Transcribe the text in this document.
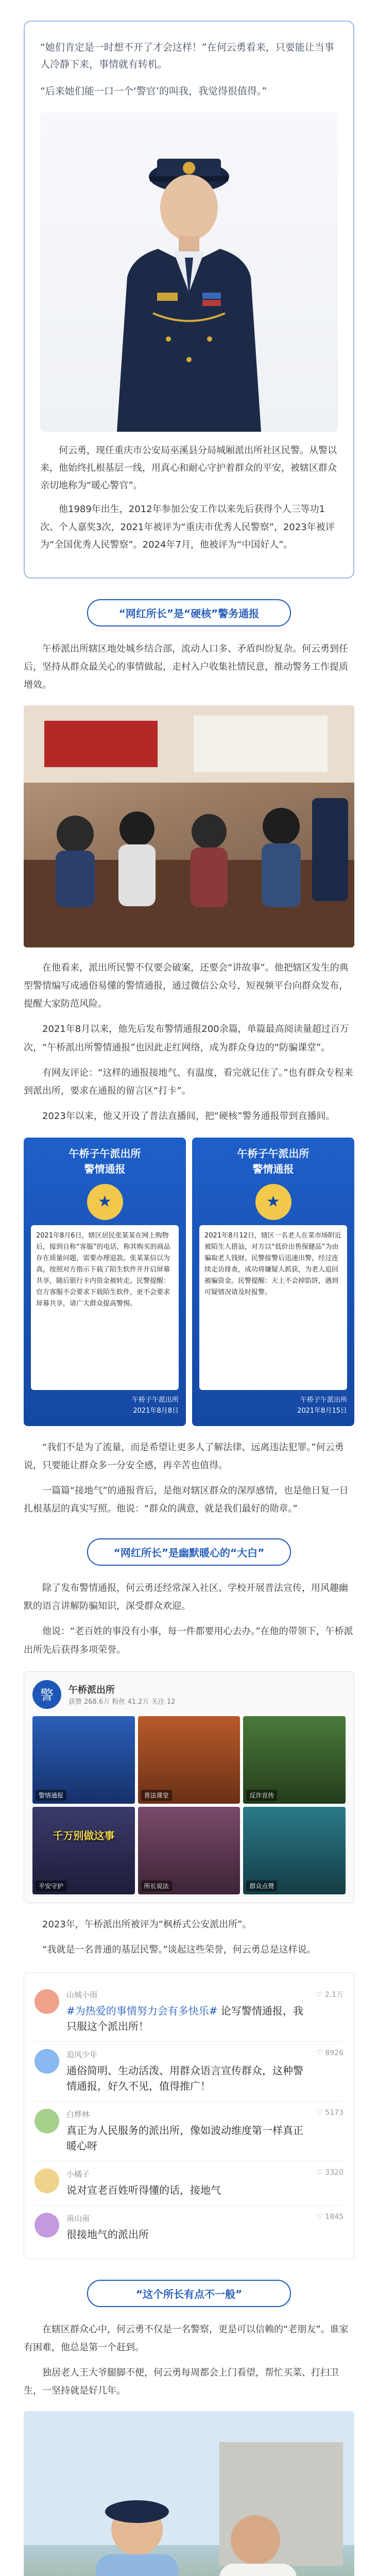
“她们肯定是一时想不开了才会这样！”在何云勇看来，只要能让当事人冷静下来，事情就有转机。

“后来她们能一口一个‘警官’的叫我，我觉得很值得。”

何云勇，现任重庆市公安局巫溪县分局城厢派出所社区民警。从警以来，他始终扎根基层一线，用真心和耐心守护着群众的平安，被辖区群众亲切地称为“暖心警官”。

他1989年出生，2012年参加公安工作以来先后获得个人三等功1次、个人嘉奖3次，2021年被评为“重庆市优秀人民警察”，2023年被评为“全国优秀人民警察”。2024年7月，他被评为“中国好人”。

“网红所长”是“硬核”警务通报

午桥派出所辖区地处城乡结合部，流动人口多、矛盾纠纷复杂。何云勇到任后，坚持从群众最关心的事情做起，走村入户收集社情民意，推动警务工作提质增效。

在他看来，派出所民警不仅要会破案，还要会“讲故事”。他把辖区发生的典型警情编写成通俗易懂的警情通报，通过微信公众号、短视频平台向群众发布，提醒大家防范风险。

2021年8月以来，他先后发布警情通报200余篇，单篇最高阅读量超过百万次，“午桥派出所警情通报”也因此走红网络，成为群众身边的“防骗课堂”。

有网友评论：“这样的通报接地气、有温度，看完就记住了。”也有群众专程来到派出所，要求在通报的留言区“打卡”。

2023年以来，他又开设了普法直播间，把“硬核”警务通报带到直播间。

午桥子午派出所
警情通报
★
2021年8月6日，辖区居民张某某在网上购物后，接到自称“客服”的电话，称其购买的商品存在质量问题，需要办理退款。张某某信以为真，按照对方指示下载了陌生软件并开启屏幕共享，随后银行卡内资金被转走。民警提醒：官方客服不会要求下载陌生软件，更不会要求屏幕共享，请广大群众提高警惕。
午桥子午派出所
2021年8月8日
午桥子午派出所
警情通报
★
2021年8月12日，辖区一名老人在菜市场附近被陌生人搭讪，对方以“低价出售保健品”为由骗取老人钱财。民警接警后迅速出警，经过连续走访排查，成功将嫌疑人抓获，为老人追回被骗资金。民警提醒：天上不会掉馅饼，遇到可疑情况请及时报警。
午桥子午派出所
2021年8月15日

“我们不是为了流量，而是希望让更多人了解法律、远离违法犯罪。”何云勇说，只要能让群众多一分安全感，再辛苦也值得。

一篇篇“接地气”的通报背后，是他对辖区群众的深厚感情，也是他日复一日扎根基层的真实写照。他说：“群众的满意，就是我们最好的勋章。”

“网红所长”是幽默暖心的“大白”

除了发布警情通报，何云勇还经常深入社区、学校开展普法宣传，用风趣幽默的语言讲解防骗知识，深受群众欢迎。

他说：“老百姓的事没有小事，每一件都要用心去办。”在他的带领下，午桥派出所先后获得多项荣誉。

警	午桥派出所
获赞 268.6万 粉丝 41.2万 关注 12
警情通报	普法课堂	反诈宣传
千万别做这事
平安守护	所长说法	群众点赞

2023年，午桥派出所被评为“枫桥式公安派出所”。

“我就是一名普通的基层民警。”谈起这些荣誉，何云勇总是这样说。

山城小雨
#为热爱的事情努力会有多快乐# 论写警情通报，我只服这个派出所！
♡ 2.1万
追风少年
通俗简明、生动活泼、用群众语言宣传群众，这种警情通报，好久不见，值得推广！
♡ 8926
白桦林
真正为人民服务的派出所，像如波动维度第一样真正暖心呀
♡ 5173
小橘子
说对宣老百姓听得懂的话，接地气
♡ 3320
南山南
很接地气的派出所
♡ 1845
“这个所长有点不一般”

在辖区群众心中，何云勇不仅是一名警察，更是可以信赖的“老朋友”。谁家有困难，他总是第一个赶到。

独居老人王大爷腿脚不便，何云勇每周都会上门看望，帮忙买菜、打扫卫生，一坚持就是好几年。
